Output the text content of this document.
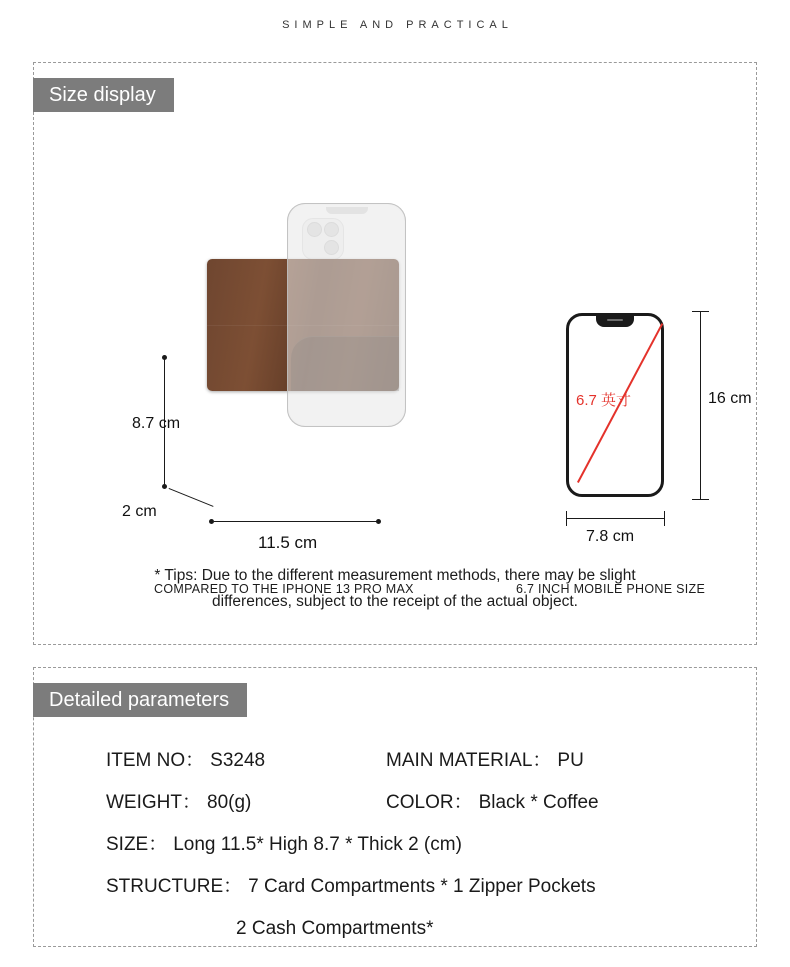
SIMPLE AND PRACTICAL
Size display
8.7 cm
2 cm
11.5 cm
COMPARED TO THE IPHONE 13 PRO MAX
6.7 英寸	16 cm
7.8 cm
6.7 INCH MOBILE PHONE SIZE
* Tips: Due to the different measurement methods, there may be slight
differences, subject to the receipt of the actual object.
Detailed parameters
ITEM NO： S3248	MAIN MATERIAL： PU
WEIGHT： 80(g)	COLOR： Black * Coffee
SIZE： Long 11.5* High 8.7 * Thick 2 (cm)
STRUCTURE： 7 Card Compartments * 1 Zipper Pockets
2 Cash Compartments*
